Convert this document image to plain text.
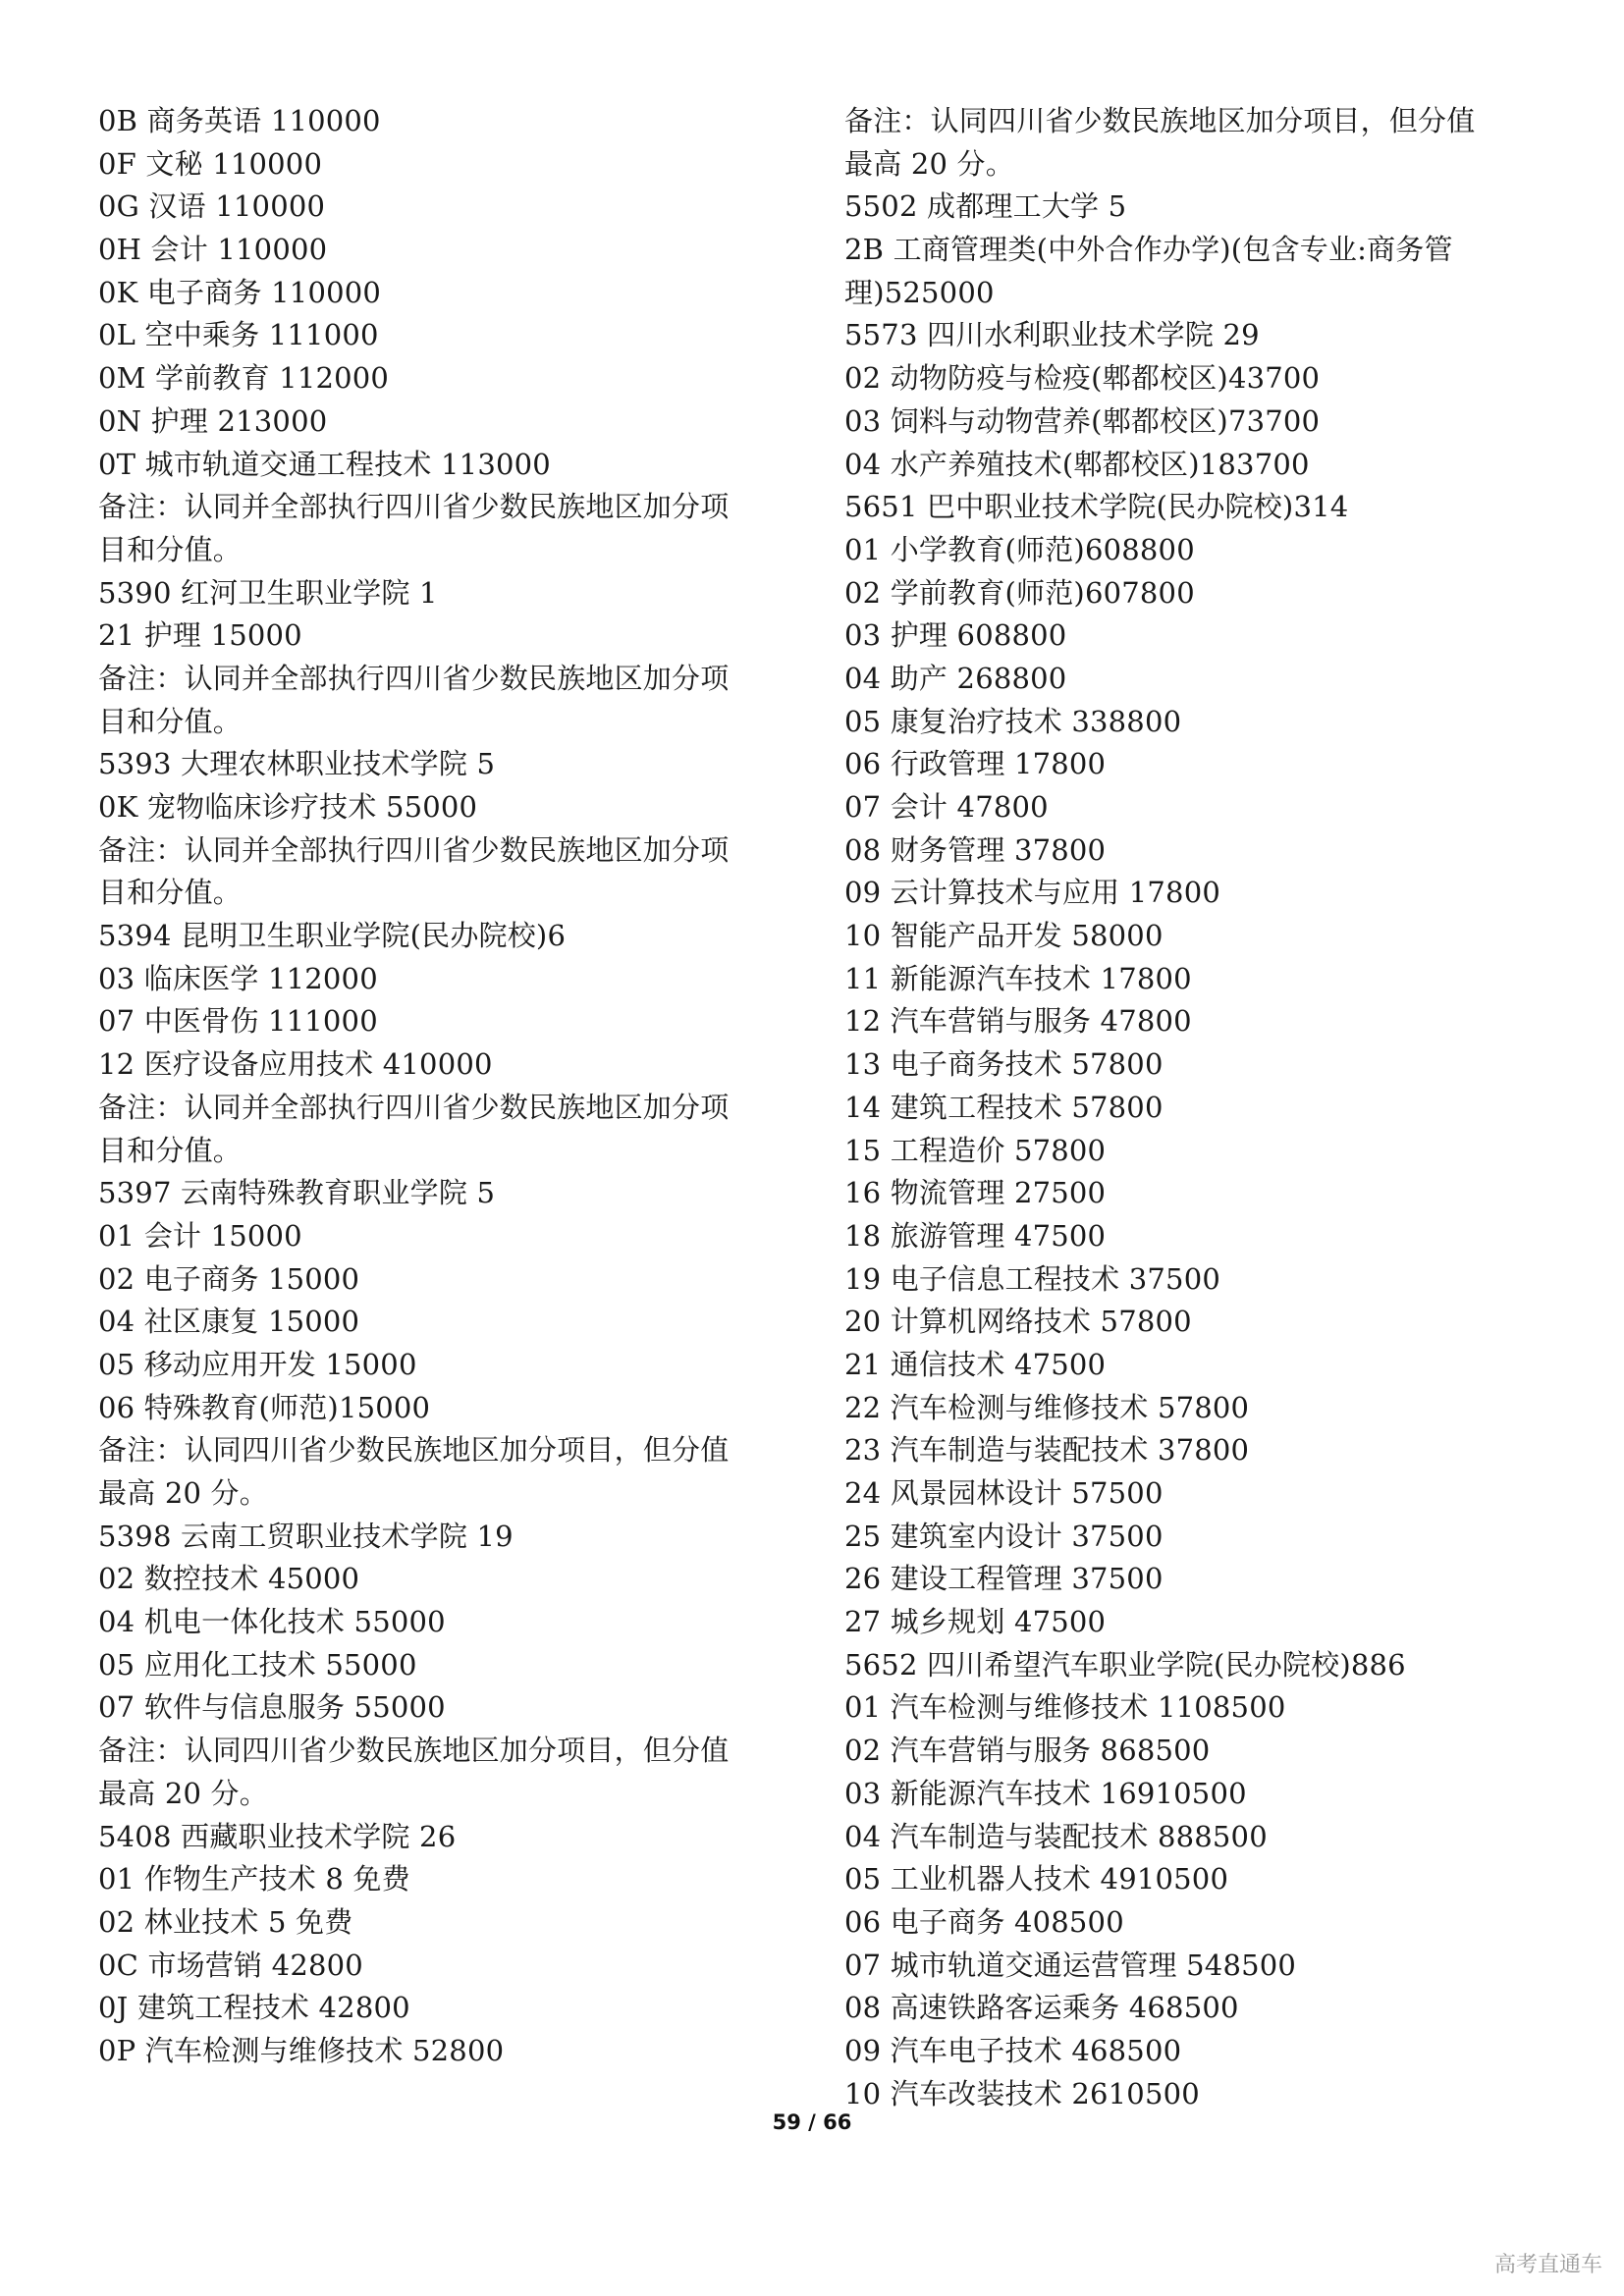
0B 商务英语 110000
0F 文秘 110000
0G 汉语 110000
0H 会计 110000
0K 电子商务 110000
0L 空中乘务 111000
0M 学前教育 112000
0N 护理 213000
0T 城市轨道交通工程技术 113000
备注：认同并全部执行四川省少数民族地区加分项
目和分值。
5390 红河卫生职业学院 1
21 护理 15000
备注：认同并全部执行四川省少数民族地区加分项
目和分值。
5393 大理农林职业技术学院 5
0K 宠物临床诊疗技术 55000
备注：认同并全部执行四川省少数民族地区加分项
目和分值。
5394 昆明卫生职业学院(民办院校)6
03 临床医学 112000
07 中医骨伤 111000
12 医疗设备应用技术 410000
备注：认同并全部执行四川省少数民族地区加分项
目和分值。
5397 云南特殊教育职业学院 5
01 会计 15000
02 电子商务 15000
04 社区康复 15000
05 移动应用开发 15000
06 特殊教育(师范)15000
备注：认同四川省少数民族地区加分项目，但分值
最高 20 分。
5398 云南工贸职业技术学院 19
02 数控技术 45000
04 机电一体化技术 55000
05 应用化工技术 55000
07 软件与信息服务 55000
备注：认同四川省少数民族地区加分项目，但分值
最高 20 分。
5408 西藏职业技术学院 26
01 作物生产技术 8 免费
02 林业技术 5 免费
0C 市场营销 42800
0J 建筑工程技术 42800
0P 汽车检测与维修技术 52800
备注：认同四川省少数民族地区加分项目，但分值
最高 20 分。
5502 成都理工大学 5
2B 工商管理类(中外合作办学)(包含专业:商务管
理)525000
5573 四川水利职业技术学院 29
02 动物防疫与检疫(郫都校区)43700
03 饲料与动物营养(郫都校区)73700
04 水产养殖技术(郫都校区)183700
5651 巴中职业技术学院(民办院校)314
01 小学教育(师范)608800
02 学前教育(师范)607800
03 护理 608800
04 助产 268800
05 康复治疗技术 338800
06 行政管理 17800
07 会计 47800
08 财务管理 37800
09 云计算技术与应用 17800
10 智能产品开发 58000
11 新能源汽车技术 17800
12 汽车营销与服务 47800
13 电子商务技术 57800
14 建筑工程技术 57800
15 工程造价 57800
16 物流管理 27500
18 旅游管理 47500
19 电子信息工程技术 37500
20 计算机网络技术 57800
21 通信技术 47500
22 汽车检测与维修技术 57800
23 汽车制造与装配技术 37800
24 风景园林设计 57500
25 建筑室内设计 37500
26 建设工程管理 37500
27 城乡规划 47500
5652 四川希望汽车职业学院(民办院校)886
01 汽车检测与维修技术 1108500
02 汽车营销与服务 868500
03 新能源汽车技术 16910500
04 汽车制造与装配技术 888500
05 工业机器人技术 4910500
06 电子商务 408500
07 城市轨道交通运营管理 548500
08 高速铁路客运乘务 468500
09 汽车电子技术 468500
10 汽车改装技术 2610500
59 / 66
高考直通车
